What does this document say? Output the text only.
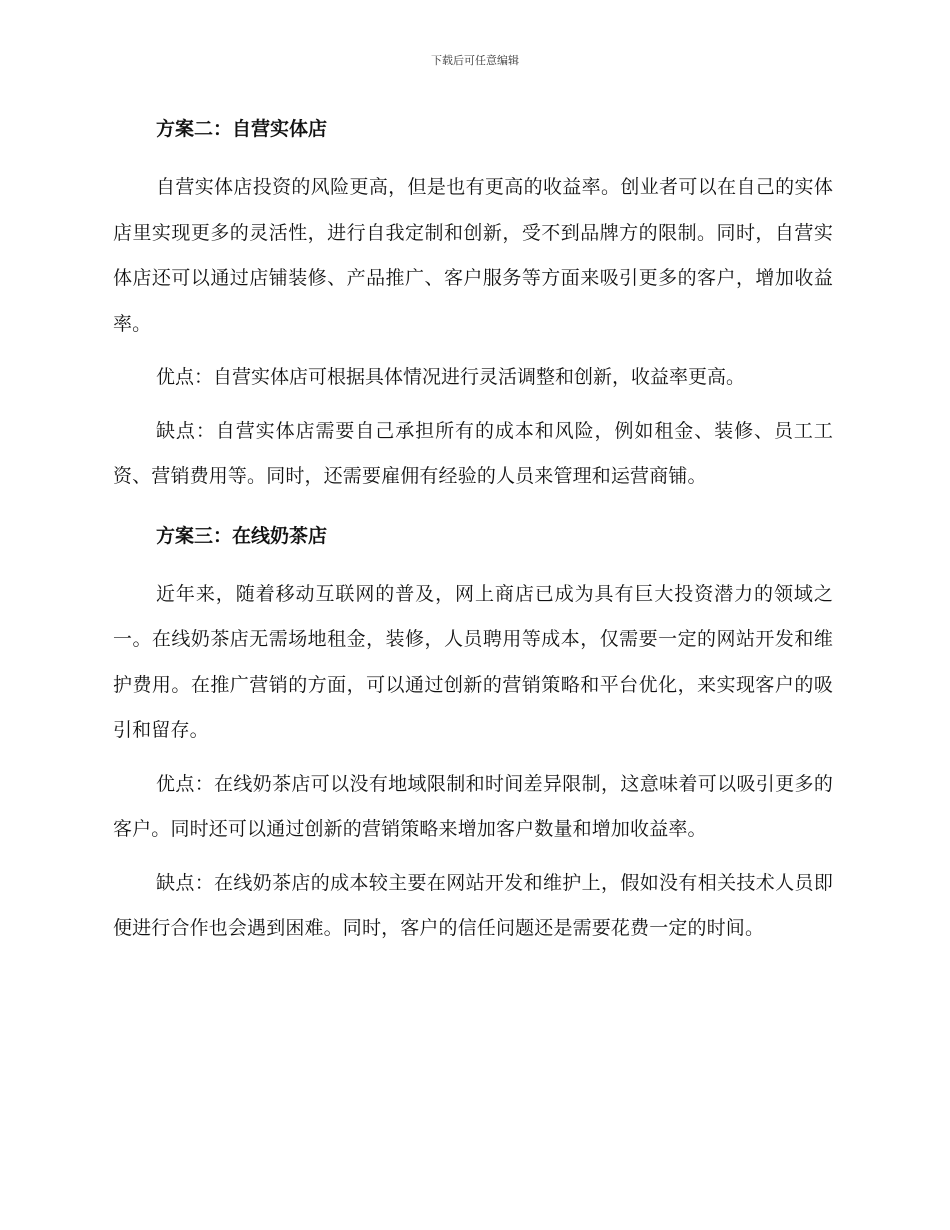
下载后可任意编辑

方案二：自营实体店

自营实体店投资的风险更高，但是也有更高的收益率。创业者可以在自己的实体店里实现更多的灵活性，进行自我定制和创新，受不到品牌方的限制。同时，自营实体店还可以通过店铺装修、产品推广、客户服务等方面来吸引更多的客户，增加收益率。

优点：自营实体店可根据具体情况进行灵活调整和创新，收益率更高。

缺点：自营实体店需要自己承担所有的成本和风险，例如租金、装修、员工工资、营销费用等。同时，还需要雇佣有经验的人员来管理和运营商铺。

方案三：在线奶茶店

近年来，随着移动互联网的普及，网上商店已成为具有巨大投资潜力的领域之一。在线奶茶店无需场地租金，装修，人员聘用等成本，仅需要一定的网站开发和维护费用。在推广营销的方面，可以通过创新的营销策略和平台优化，来实现客户的吸引和留存。

优点：在线奶茶店可以没有地域限制和时间差异限制，这意味着可以吸引更多的客户。同时还可以通过创新的营销策略来增加客户数量和增加收益率。

缺点：在线奶茶店的成本较主要在网站开发和维护上，假如没有相关技术人员即便进行合作也会遇到困难。同时，客户的信任问题还是需要花费一定的时间。
